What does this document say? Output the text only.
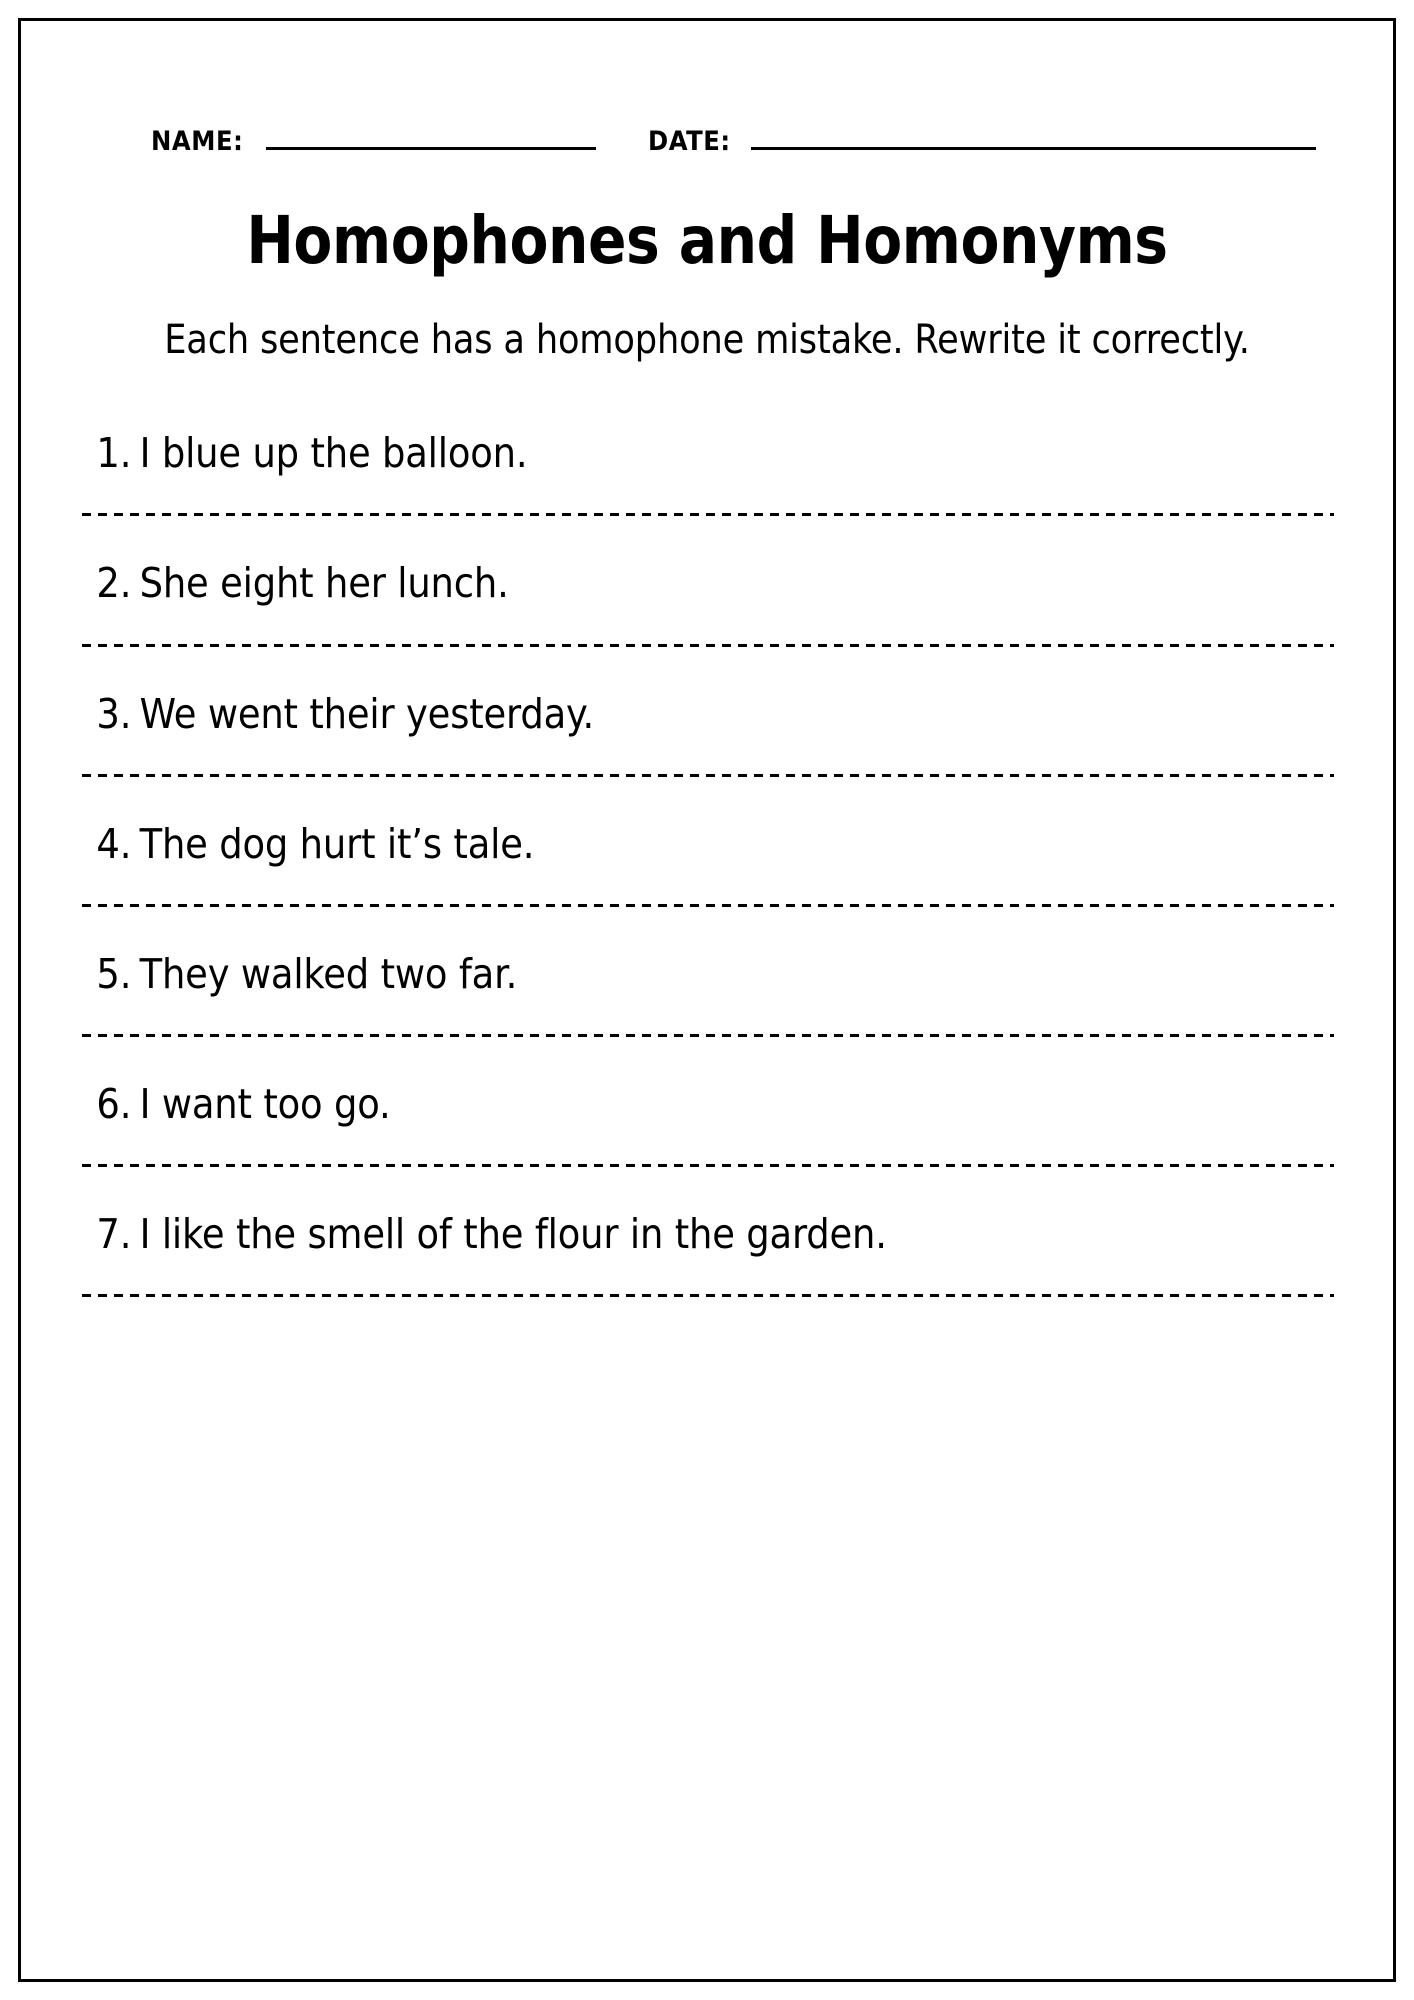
NAME:	DATE:
Homophones and Homonyms

Each sentence has a homophone mistake. Rewrite it correctly.

1. I blue up the balloon.
2. She eight her lunch.
3. We went their yesterday.
4. The dog hurt it’s tale.
5. They walked two far.
6. I want too go.
7. I like the smell of the flour in the garden.
